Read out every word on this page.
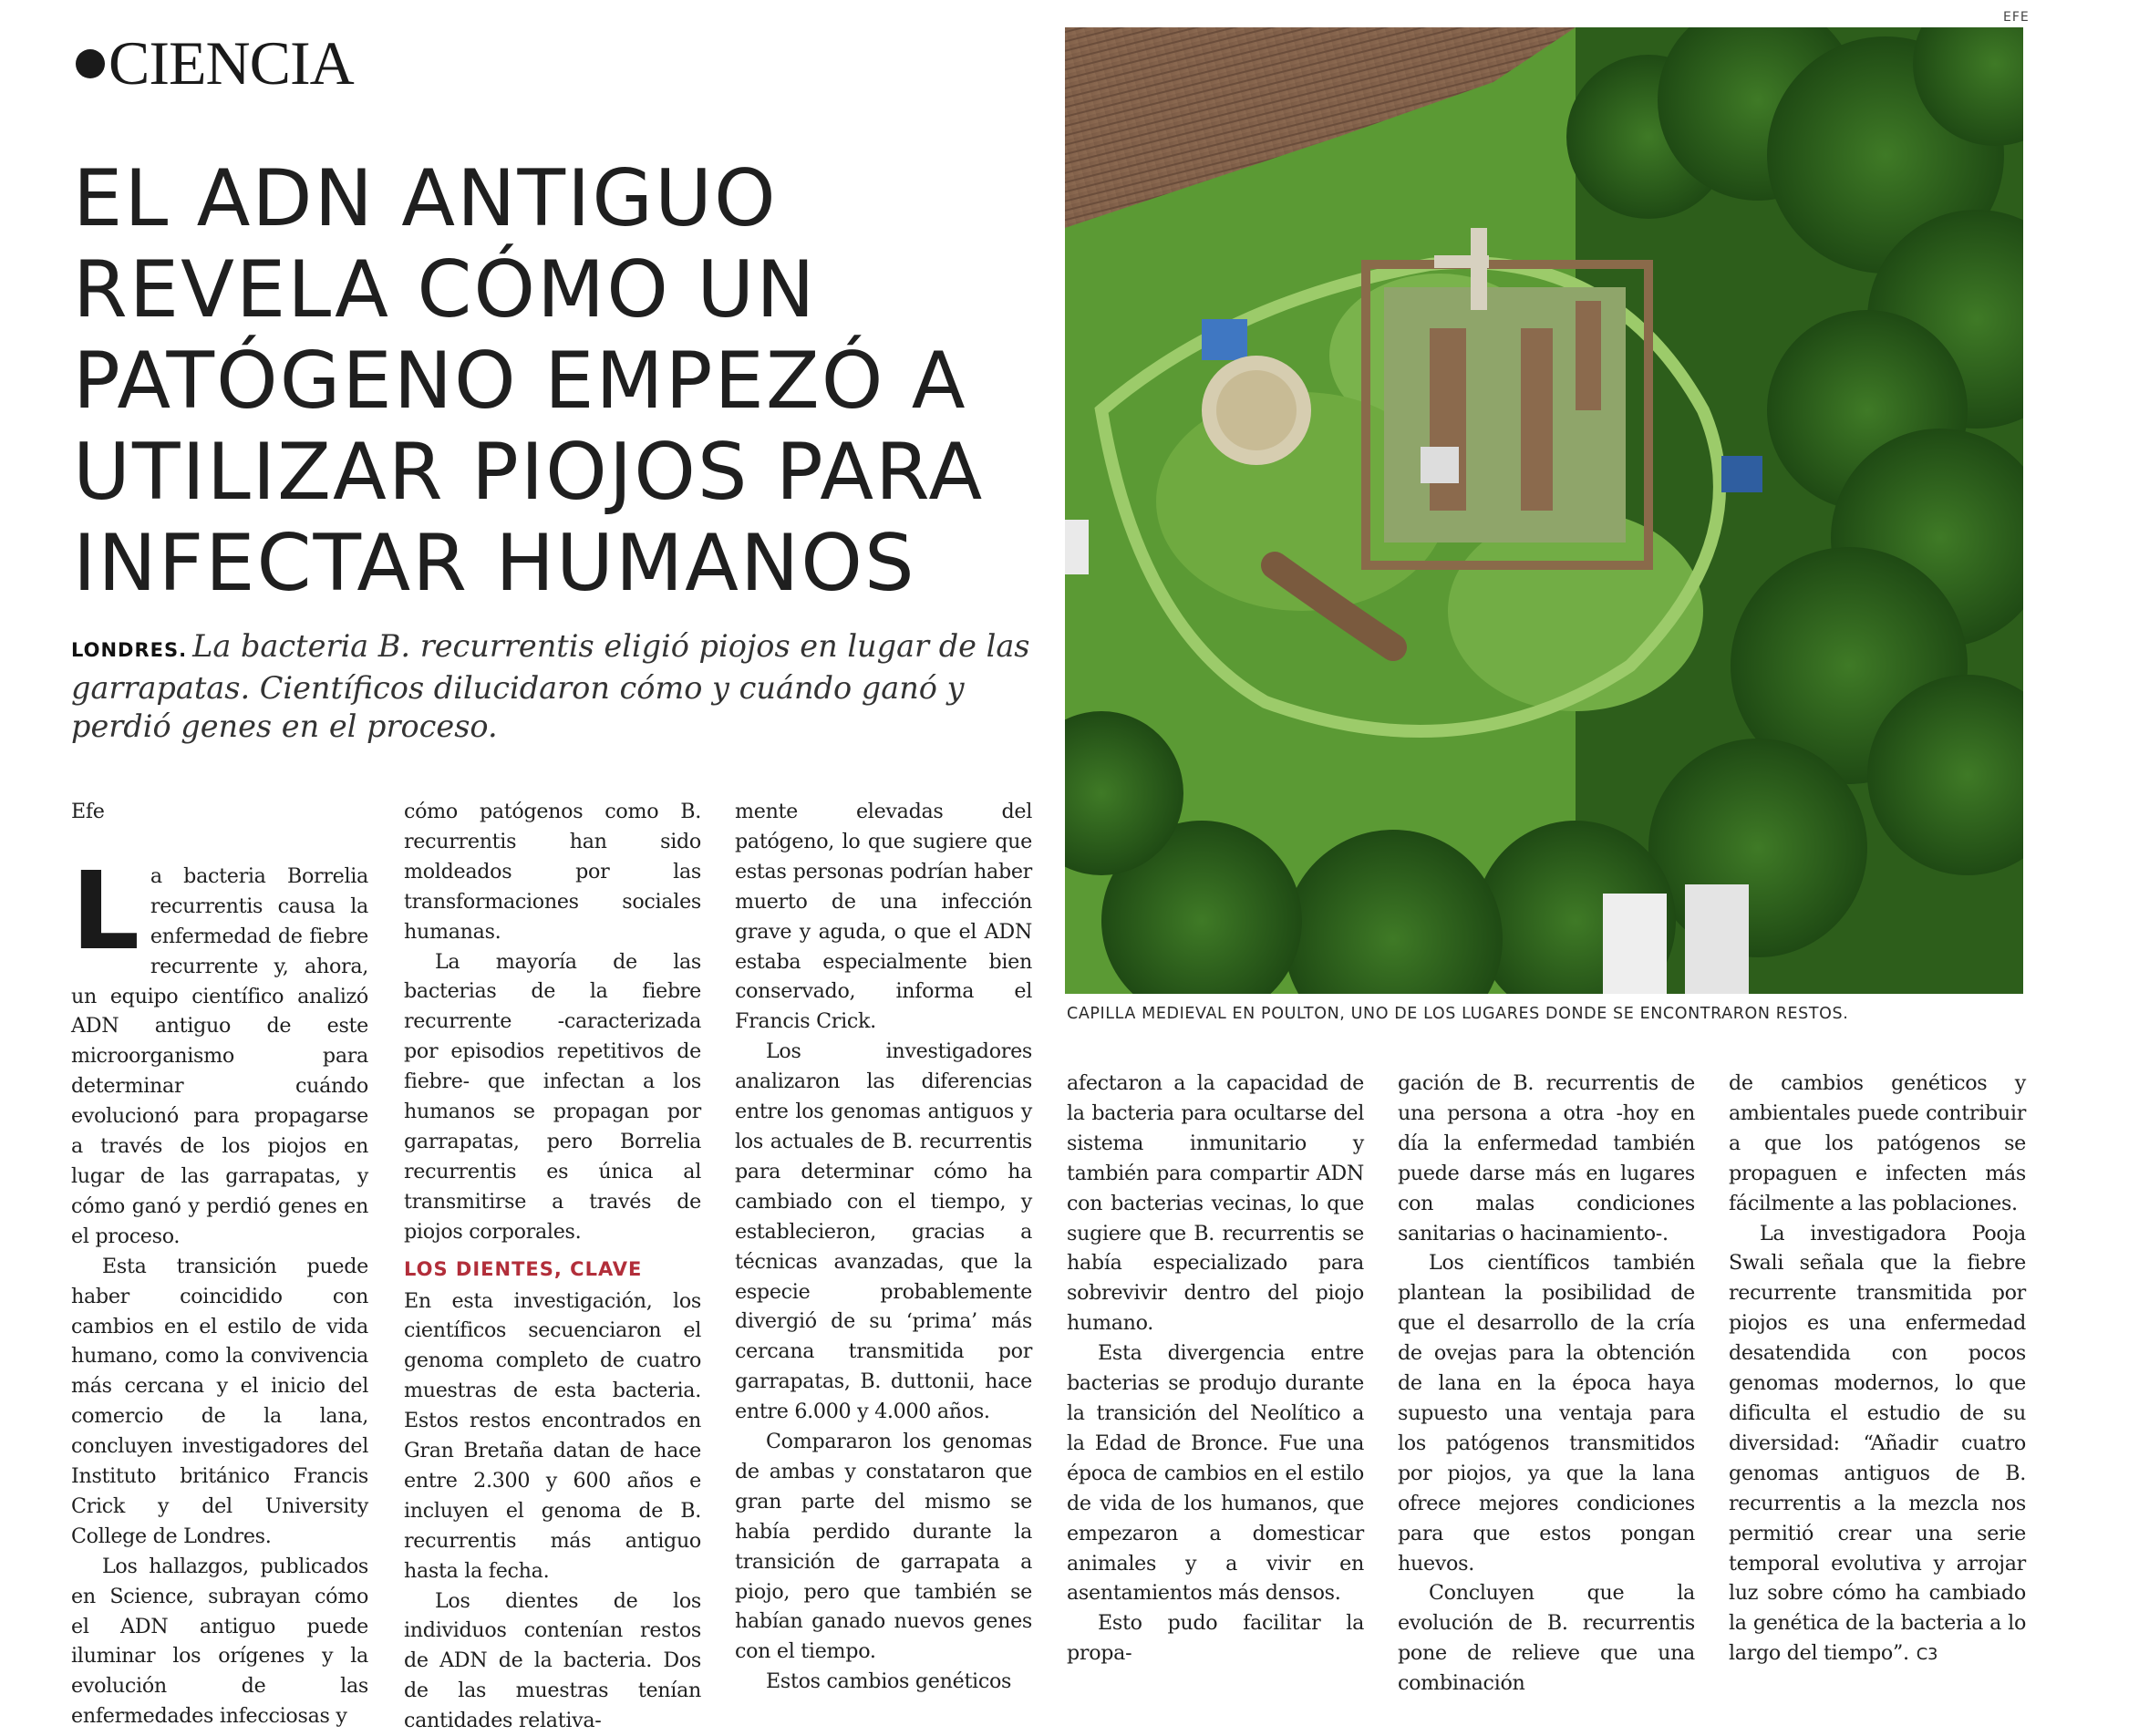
CIENCIA
EL ADN ANTIGUO REVELA CÓMO UN PATÓGENO EMPEZÓ A UTILIZAR PIOJOS PARA INFECTAR HUMANOS
LONDRES. La bacteria B. recurrentis eligió piojos en lugar de las garrapatas. Científicos dilucidaron cómo y cuándo ganó y perdió genes en el proceso.
EFE
CAPILLA MEDIEVAL EN POULTON, UNO DE LOS LUGARES DONDE SE ENCONTRARON RESTOS.

Efe

La bacteria Borrelia recurrentis causa la enfermedad de fiebre recurrente y, ahora, un equipo científico analizó ADN antiguo de este microorganismo para determinar cuándo evolucionó para propagarse a través de los piojos en lugar de las garrapatas, y cómo ganó y perdió genes en el proceso.

Esta transición puede haber coincidido con cambios en el estilo de vida humano, como la convivencia más cercana y el inicio del comercio de la lana, concluyen investigadores del Instituto británico Francis Crick y del University College de Londres.

Los hallazgos, publicados en Science, subrayan cómo el ADN antiguo puede iluminar los orígenes y la evolución de las enfermedades infecciosas y

cómo patógenos como B. recurrentis han sido moldeados por las transformaciones sociales humanas.

La mayoría de las bacterias de la fiebre recurrente -caracterizada por episodios repetitivos de fiebre- que infectan a los humanos se propagan por garrapatas, pero Borrelia recurrentis es única al transmitirse a través de piojos corporales.

LOS DIENTES, CLAVE

En esta investigación, los científicos secuenciaron el genoma completo de cuatro muestras de esta bacteria. Estos restos encontrados en Gran Bretaña datan de hace entre 2.300 y 600 años e incluyen el genoma de B. recurrentis más antiguo hasta la fecha.

Los dientes de los individuos contenían restos de ADN de la bacteria. Dos de las muestras tenían cantidades relativa-

mente elevadas del patógeno, lo que sugiere que estas personas podrían haber muerto de una infección grave y aguda, o que el ADN estaba especialmente bien conservado, informa el Francis Crick.

Los investigadores analizaron las diferencias entre los genomas antiguos y los actuales de B. recurrentis para determinar cómo ha cambiado con el tiempo, y establecieron, gracias a técnicas avanzadas, que la especie probablemente divergió de su ‘prima’ más cercana transmitida por garrapatas, B. duttonii, hace entre 6.000 y 4.000 años.

Compararon los genomas de ambas y constataron que gran parte del mismo se había perdido durante la transición de garrapata a piojo, pero que también se habían ganado nuevos genes con el tiempo.

Estos cambios genéticos

afectaron a la capacidad de la bacteria para ocultarse del sistema inmunitario y también para compartir ADN con bacterias vecinas, lo que sugiere que B. recurrentis se había especializado para sobrevivir dentro del piojo humano.

Esta divergencia entre bacterias se produjo durante la transición del Neolítico a la Edad de Bronce. Fue una época de cambios en el estilo de vida de los humanos, que empezaron a domesticar animales y a vivir en asentamientos más densos.

Esto pudo facilitar la propa-

gación de B. recurrentis de una persona a otra -hoy en día la enfermedad también puede darse más en lugares con malas condiciones sanitarias o hacinamiento-.

Los científicos también plantean la posibilidad de que el desarrollo de la cría de ovejas para la obtención de lana en la época haya supuesto una ventaja para los patógenos transmitidos por piojos, ya que la lana ofrece mejores condiciones para que estos pongan huevos.

Concluyen que la evolución de B. recurrentis pone de relieve que una combinación

de cambios genéticos y ambientales puede contribuir a que los patógenos se propaguen e infecten más fácilmente a las poblaciones.

La investigadora Pooja Swali señala que la fiebre recurrente transmitida por piojos es una enfermedad desatendida con pocos genomas modernos, lo que dificulta el estudio de su diversidad: “Añadir cuatro genomas antiguos de B. recurrentis a la mezcla nos permitió crear una serie temporal evolutiva y arrojar luz sobre cómo ha cambiado la genética de la bacteria a lo largo del tiempo”. C3
